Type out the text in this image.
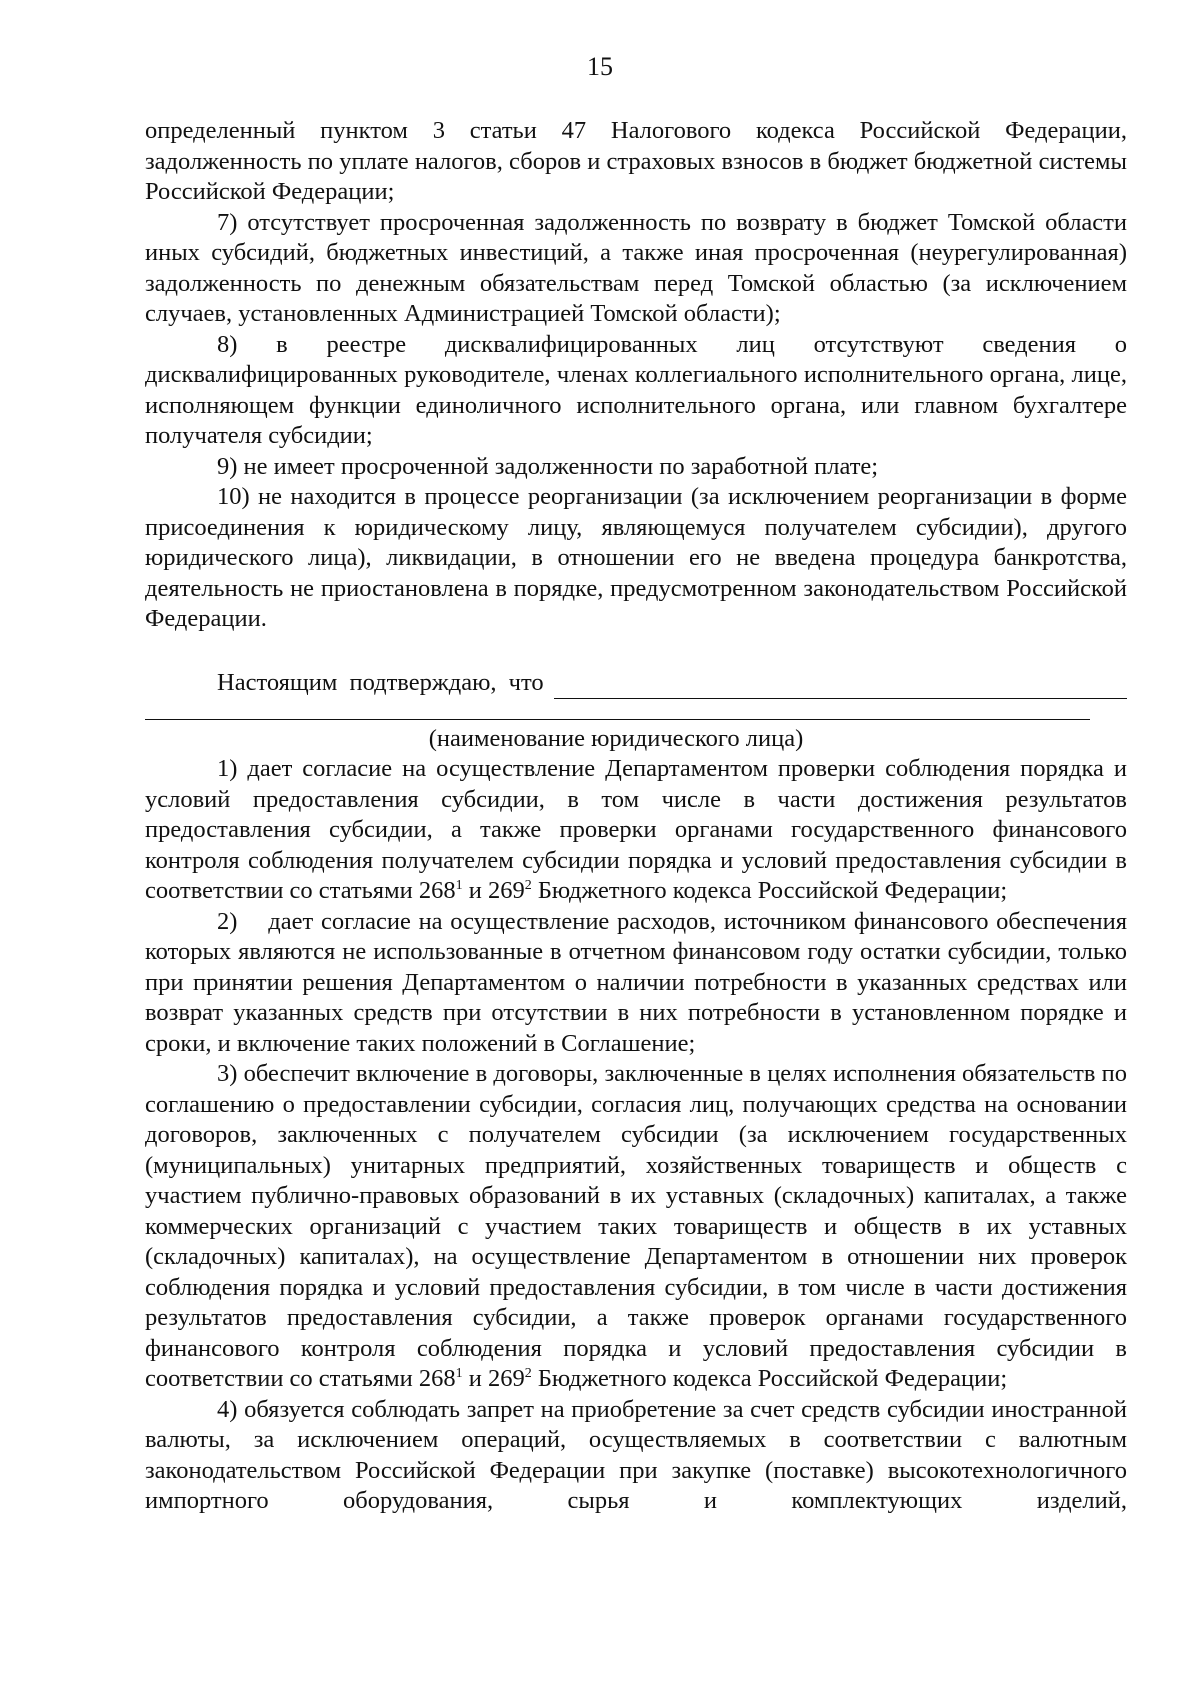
15

определенный пунктом 3 статьи 47 Налогового кодекса Российской Федерации, задолженность по уплате налогов, сборов и страховых взносов в бюджет бюджетной системы Российской Федерации;

7) отсутствует просроченная задолженность по возврату в бюджет Томской области иных субсидий, бюджетных инвестиций, а также иная просроченная (неурегулированная) задолженность по денежным обязательствам перед Томской областью (за исключением случаев, установленных Администрацией Томской области);

8) в реестре дисквалифицированных лиц отсутствуют сведения о дисквалифицированных руководителе, членах коллегиального исполнительного органа, лице, исполняющем функции единоличного исполнительного органа, или главном бухгалтере получателя субсидии;

9) не имеет просроченной задолженности по заработной плате;

10) не находится в процессе реорганизации (за исключением реорганизации в форме присоединения к юридическому лицу, являющемуся получателем субсидии), другого юридического лица), ликвидации, в отношении его не введена процедура банкротства, деятельность не приостановлена в порядке, предусмотренном законодательством Российской Федерации.

Настоящим подтверждаю, что
(наименование юридического лица)

1) дает согласие на осуществление Департаментом проверки соблюдения порядка и условий предоставления субсидии, в том числе в части достижения результатов предоставления субсидии, а также проверки органами государственного финансового контроля соблюдения получателем субсидии порядка и условий предоставления субсидии в соответствии со статьями $268^1$ и $269^2$ Бюджетного кодекса Российской Федерации;

2)    дает согласие на осуществление расходов, источником финансового обеспечения которых являются не использованные в отчетном финансовом году остатки субсидии, только при принятии решения Департаментом о наличии потребности в указанных средствах или возврат указанных средств при отсутствии в них потребности в установленном порядке и сроки, и включение таких положений в Соглашение;

3) обеспечит включение в договоры, заключенные в целях исполнения обязательств по соглашению о предоставлении субсидии, согласия лиц, получающих средства на основании договоров, заключенных с получателем субсидии (за исключением государственных (муниципальных) унитарных предприятий, хозяйственных товариществ и обществ с участием публично-правовых образований в их уставных (складочных) капиталах, а также коммерческих организаций с участием таких товариществ и обществ в их уставных (складочных) капиталах), на осуществление Департаментом в отношении них проверок соблюдения порядка и условий предоставления субсидии, в том числе в части достижения результатов предоставления субсидии, а также проверок органами государственного финансового контроля соблюдения порядка и условий предоставления субсидии в соответствии со статьями $268^1$ и $269^2$ Бюджетного кодекса Российской Федерации;

4) обязуется соблюдать запрет на приобретение за счет средств субсидии иностранной валюты, за исключением операций, осуществляемых в соответствии с валютным законодательством Российской Федерации при закупке (поставке) высокотехнологичного импортного оборудования, сырья и комплектующих изделий,
